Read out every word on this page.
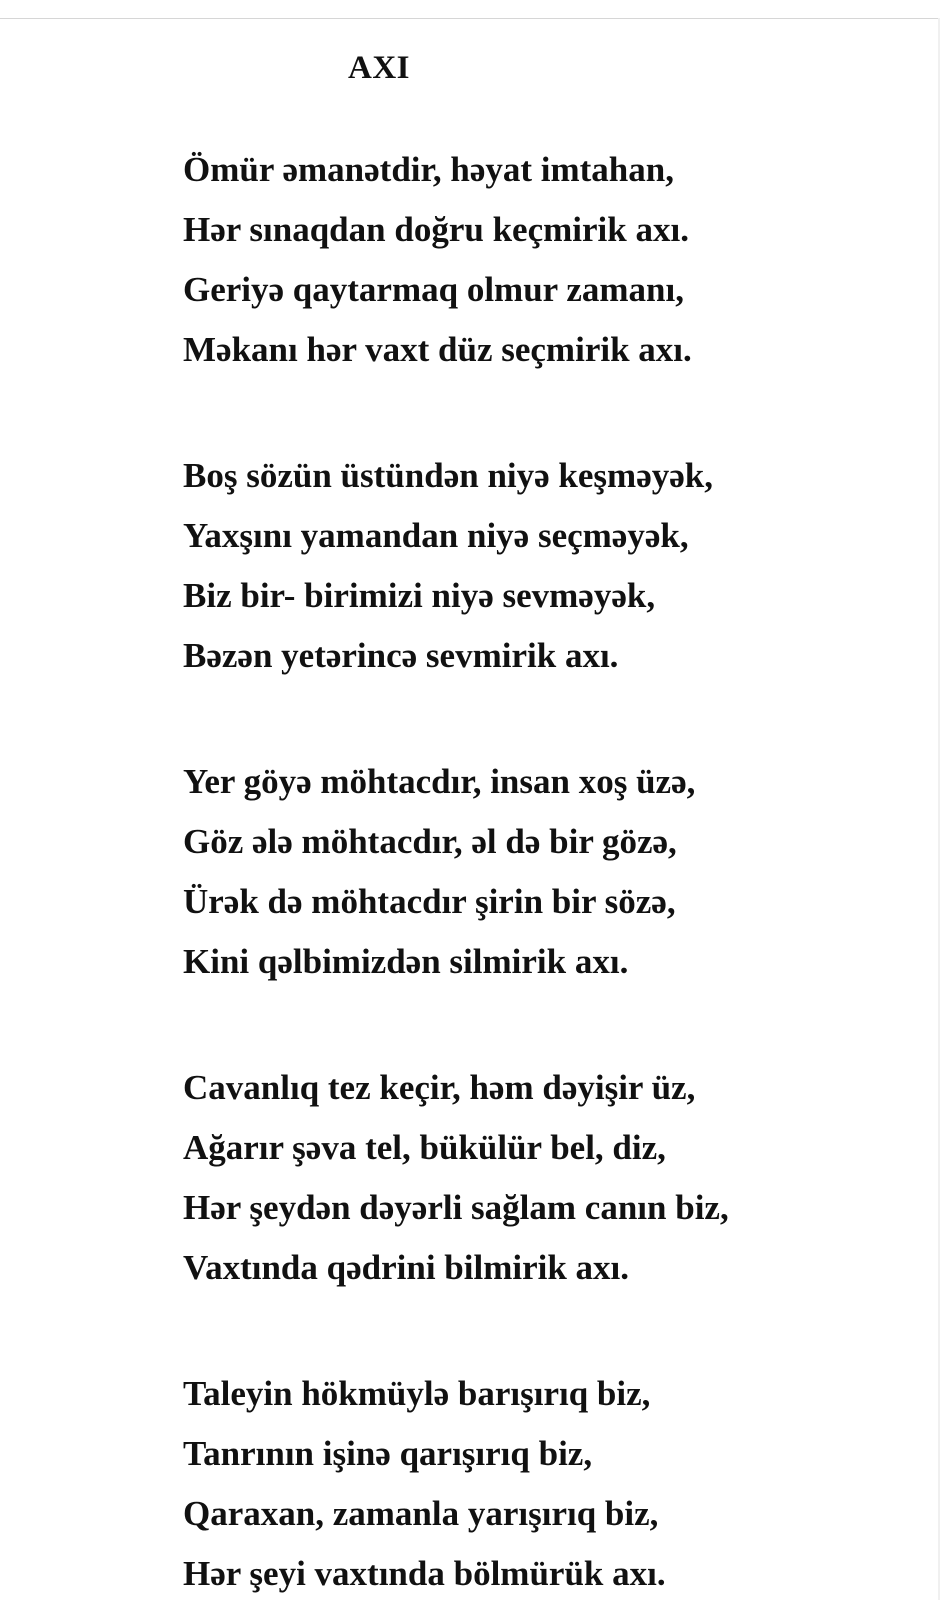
AXI
Ömür əmanətdir, həyat imtahan,
Hər sınaqdan doğru keçmirik axı.
Geriyə qaytarmaq olmur zamanı,
Məkanı hər vaxt düz seçmirik axı.
Boş sözün üstündən niyə keşməyək,
Yaxşını yamandan niyə seçməyək,
Biz bir- birimizi niyə sevməyək,
Bəzən yetərincə sevmirik axı.
Yer göyə möhtacdır, insan xoş üzə,
Göz ələ möhtacdır, əl də bir gözə,
Ürək də möhtacdır şirin bir sözə,
Kini qəlbimizdən silmirik axı.
Cavanlıq tez keçir, həm dəyişir üz,
Ağarır şəva tel, bükülür bel, diz,
Hər şeydən dəyərli sağlam canın biz,
Vaxtında qədrini bilmirik axı.
Taleyin hökmüylə barışırıq biz,
Tanrının işinə qarışırıq biz,
Qaraxan, zamanla yarışırıq biz,
Hər şeyi vaxtında bölmürük axı.
